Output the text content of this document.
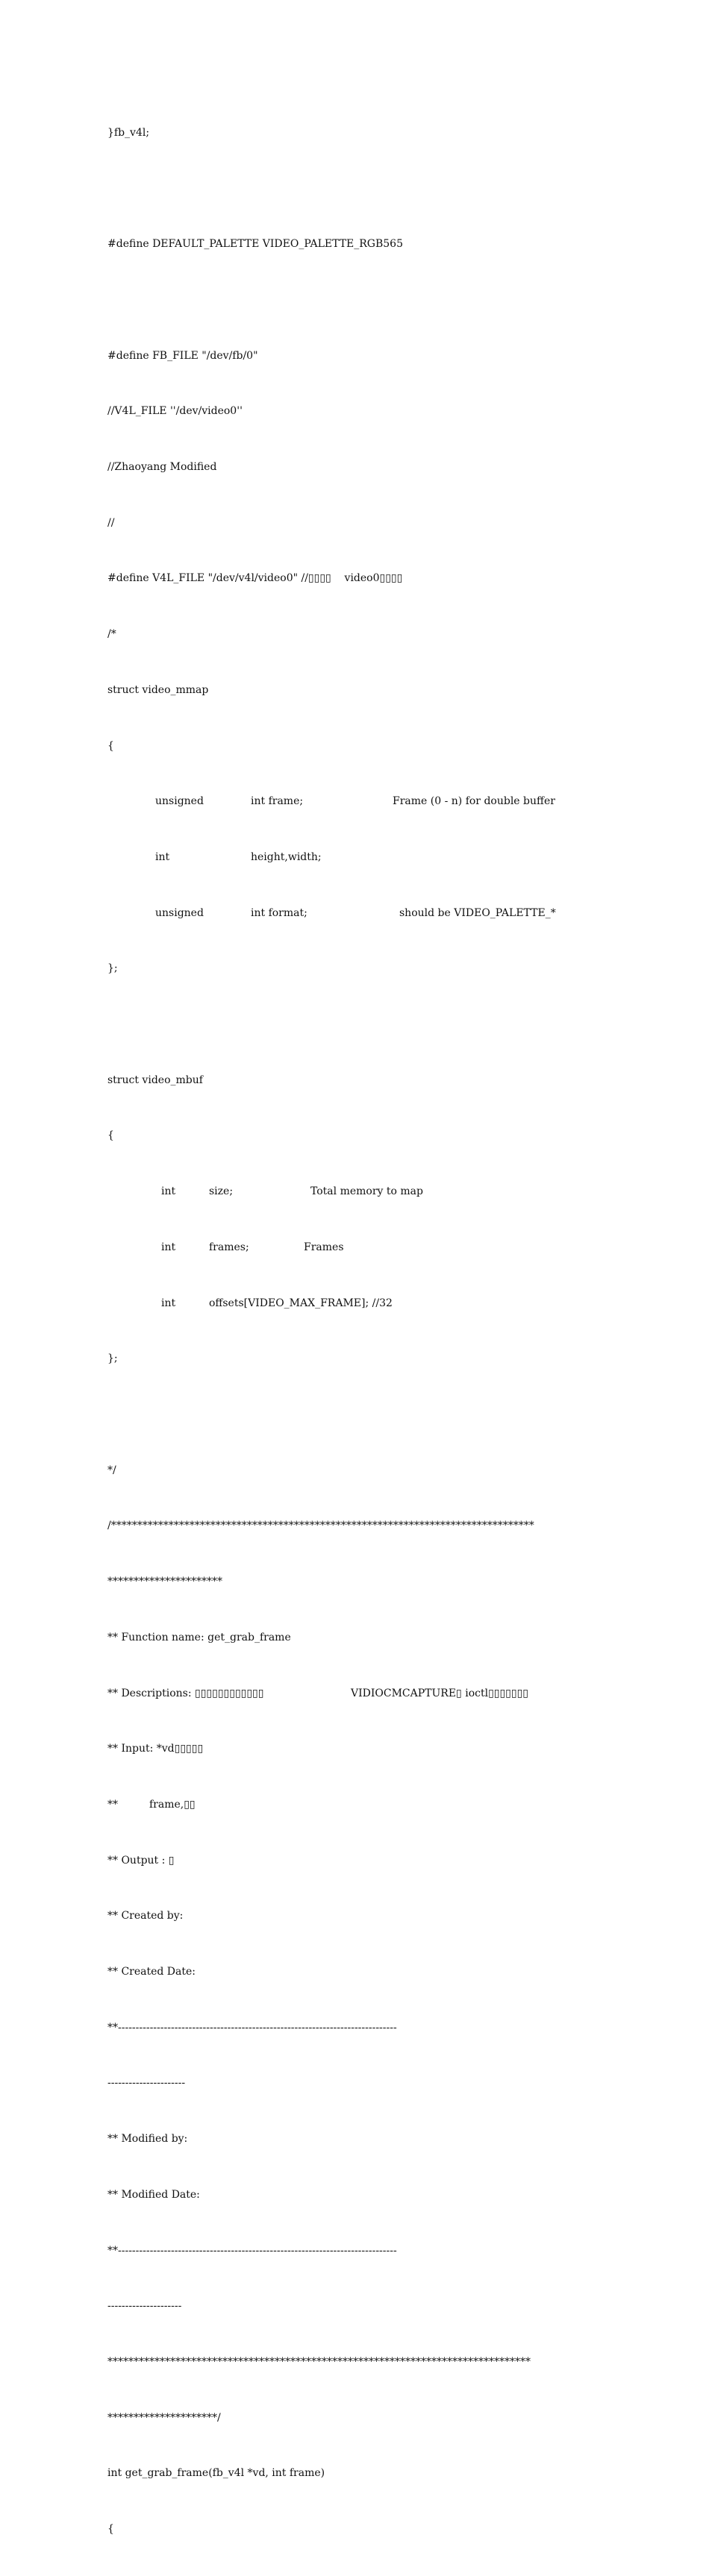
}fb_v4l;

#define DEFAULT_PALETTE VIDEO_PALETTE_RGB565

#define FB_FILE "/dev/fb/0"

//V4L_FILE ''/dev/video0''

//Zhaoyang Modified

//

#define V4L_FILE "/dev/v4l/video0" //▯▯▯▯    video0▯▯▯▯

/*

struct video_mmap

{

unsigned	int frame;	Frame (0 - n) for double buffer

int	height,width;

unsigned	int format;	should be VIDEO_PALETTE_*

};

struct video_mbuf

{

int	size;	Total memory to map

int	frames;	Frames

int	offsets[VIDEO_MAX_FRAME]; //32

};

*/

/*********************************************************************************

**********************

** Function name: get_grab_frame

** Descriptions: ▯▯▯▯▯▯▯▯▯▯▯▯	VIDIOCMCAPTURE▯ ioctl▯▯▯▯▯▯▯

** Input: *vd▯▯▯▯▯

**	frame,▯▯

** Output : ▯

** Created by:

** Created Date:

**-------------------------------------------------------------------------------

----------------------

** Modified by:

** Modified Date:

**-------------------------------------------------------------------------------

---------------------

*********************************************************************************

*********************/

int get_grab_frame(fb_v4l *vd, int frame)

{
